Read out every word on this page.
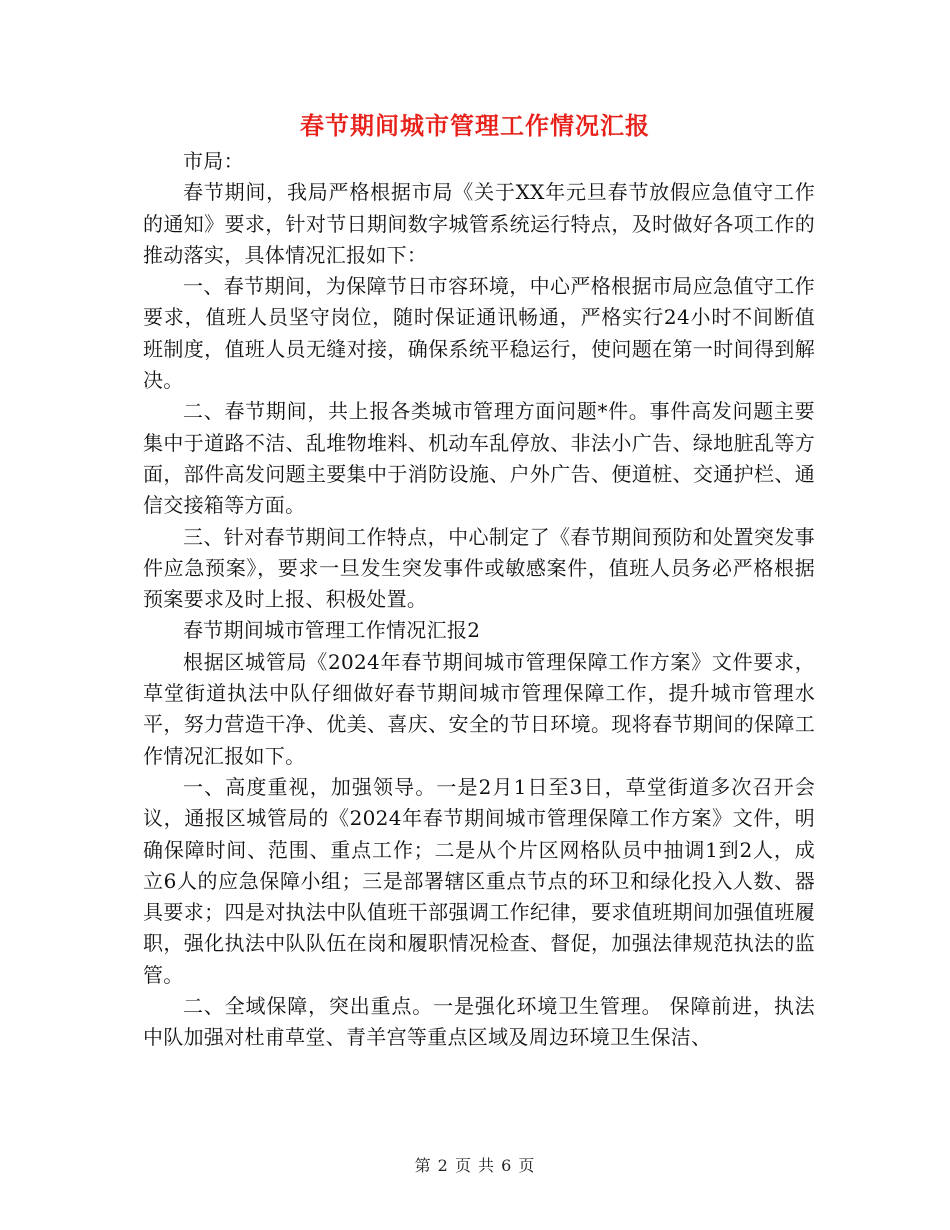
春节期间城市管理工作情况汇报

市局：

春节期间，我局严格根据市局《关于XX年元旦春节放假应急值守工作的通知》要求，针对节日期间数字城管系统运行特点，及时做好各项工作的推动落实，具体情况汇报如下：

一、春节期间，为保障节日市容环境，中心严格根据市局应急值守工作要求，值班人员坚守岗位，随时保证通讯畅通，严格实行24小时不间断值班制度，值班人员无缝对接，确保系统平稳运行，使问题在第一时间得到解决。

二、春节期间，共上报各类城市管理方面问题*件。事件高发问题主要集中于道路不洁、乱堆物堆料、机动车乱停放、非法小广告、绿地脏乱等方面，部件高发问题主要集中于消防设施、户外广告、便道桩、交通护栏、通信交接箱等方面。

三、针对春节期间工作特点，中心制定了《春节期间预防和处置突发事件应急预案》，要求一旦发生突发事件或敏感案件，值班人员务必严格根据预案要求及时上报、积极处置。

春节期间城市管理工作情况汇报2

根据区城管局《2024年春节期间城市管理保障工作方案》文件要求，草堂街道执法中队仔细做好春节期间城市管理保障工作，提升城市管理水平，努力营造干净、优美、喜庆、安全的节日环境。现将春节期间的保障工作情况汇报如下。

一、高度重视，加强领导。一是2月1日至3日，草堂街道多次召开会议，通报区城管局的《2024年春节期间城市管理保障工作方案》文件，明确保障时间、范围、重点工作；二是从个片区网格队员中抽调1到2人，成立6人的应急保障小组；三是部署辖区重点节点的环卫和绿化投入人数、器具要求；四是对执法中队值班干部强调工作纪律，要求值班期间加强值班履职，强化执法中队队伍在岗和履职情况检查、督促，加强法律规范执法的监管。

二、全域保障，突出重点。一是强化环境卫生管理。 保障前进，执法中队加强对杜甫草堂、青羊宫等重点区域及周边环境卫生保洁、

第 2 页 共 6 页
